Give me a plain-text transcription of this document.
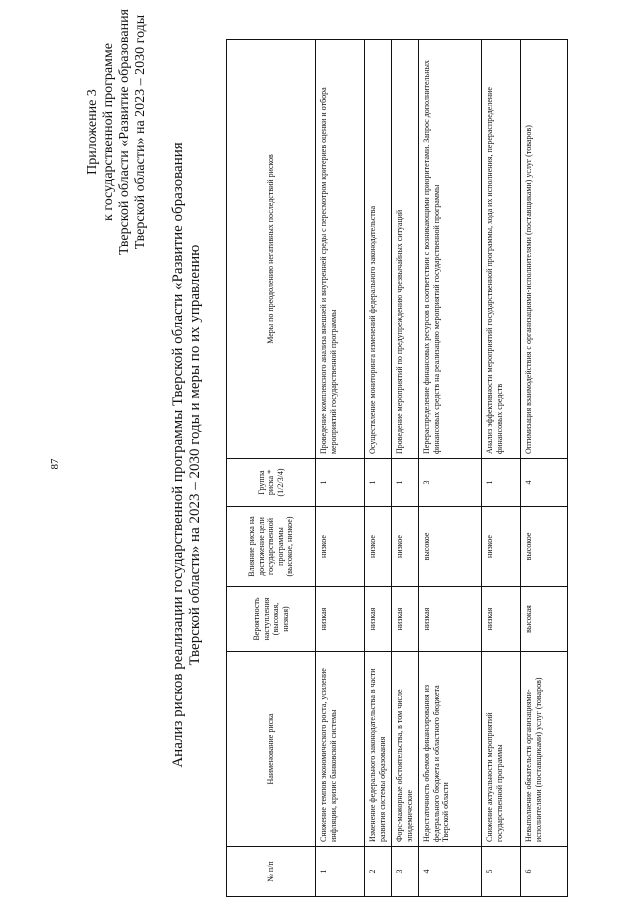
87
Приложение 3 к государственной программе Тверской области «Развитие образования Тверской области» на 2023 – 2030 годы
Анализ рисков реализации государственной программы Тверской области «Развитие образования Тверской области» на 2023 – 2030 годы и меры по их управлению
№ п/п	Наименование риска	Вероятность наступления (высокая, низкая)	Влияние риска на достижение цели государственной программы (высокое, низкое)	Группа риска * (1/2/3/4)	Меры по преодолению негативных последствий рисков
1	Снижение темпов экономического роста, усиление инфляции, кризис банковской системы	низкая	низкое	1	Проведение комплексного анализа внешней и внутренней среды с пересмотром критериев оценки и отбора мероприятий государственной программы
2	Изменение федерального законодательства в части развития системы образования	низкая	низкое	1	Осуществление мониторинга изменений федерального законодательства
3	Форс-мажорные обстоятельства, в том числе эпидемические	низкая	низкое	1	Проведение мероприятий по предупреждению чрезвычайных ситуаций
4	Недостаточность объемов финансирования из федерального бюджета и областного бюджета Тверской области	низкая	высокое	3	Перераспределение финансовых ресурсов в соответствии с возникающими приоритетами. Запрос дополнительных финансовых средств на реализацию мероприятий государственной программы
5	Снижение актуальности мероприятий государственной программы	низкая	низкое	1	Анализ эффективности мероприятий государственной программы, хода их исполнения, перераспределение финансовых средств
6	Невыполнение обязательств организациями-исполнителями (поставщиками) услуг (товаров)	высокая	высокое	4	Оптимизация взаимодействия с организациями-исполнителями (поставщиками) услуг (товаров)
